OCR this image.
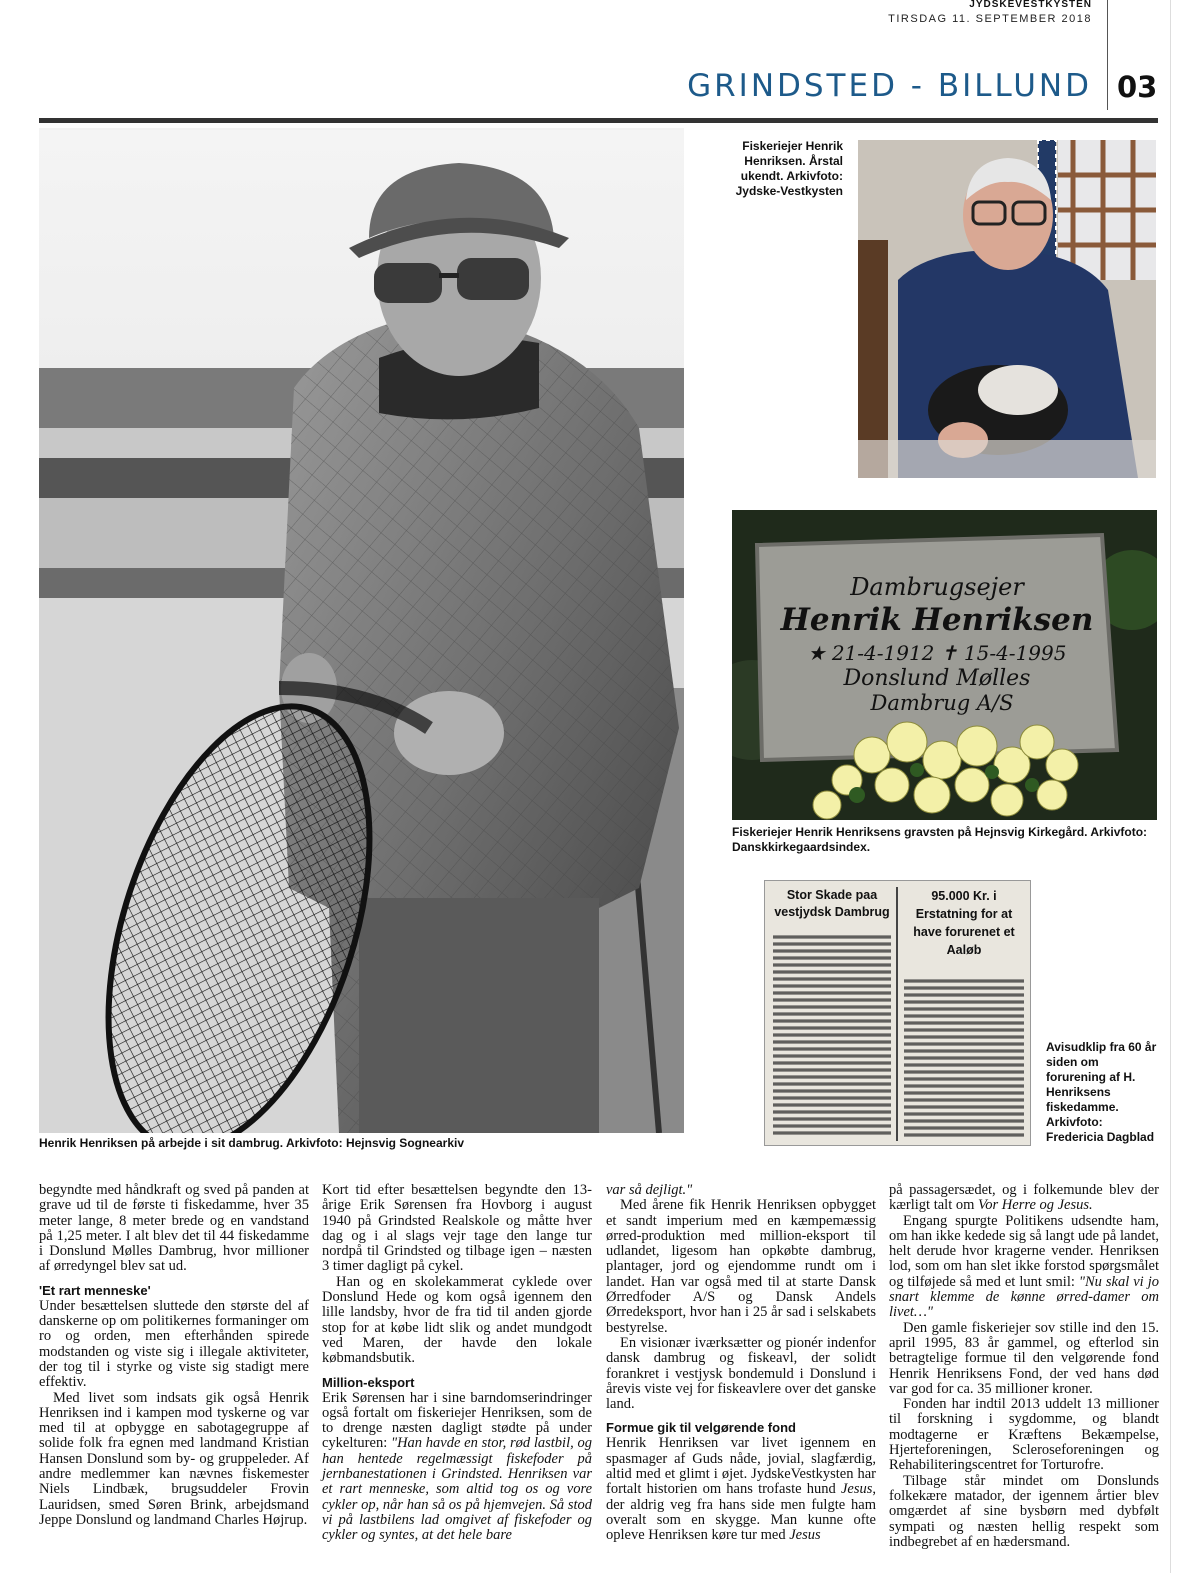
JYDSKEVESTKYSTEN
TIRSDAG 11. SEPTEMBER 2018
GRINDSTED - BILLUND 03
Henrik Henriksen på arbejde i sit dambrug. Arkivfoto: Hejnsvig Sognearkiv
Fiskeriejer Henrik Henriksen. Årstal ukendt. Arkivfoto: Jydske-Vestkysten
Dambrugsejer
Henrik Henriksen
★ 21-4-1912 ✝ 15-4-1995
Donslund Mølles
Dambrug A/S
Fiskeriejer Henrik Henriksens gravsten på Hejnsvig Kirkegård. Arkivfoto: Danskkirkegaardsindex.
Stor Skade paa vestjydsk Dambrug
95.000 Kr. i Erstatning for at have forurenet et Aaløb
Avisudklip fra 60 år siden om forurening af H. Henriksens fiskedamme. Arkivfoto: Fredericia Dagblad

begyndte med håndkraft og sved på panden at grave ud til de første ti fiskedamme, hver 35 meter lange, 8 meter brede og en vandstand på 1,25 meter. I alt blev det til 44 fiskedamme i Donslund Mølles Dambrug, hvor millioner af ørredyngel blev sat ud.

'Et rart menneske'

Under besættelsen sluttede den største del af danskerne op om politikernes formaninger om ro og orden, men efterhånden spirede modstanden og viste sig i illegale aktiviteter, der tog til i styrke og viste sig stadigt mere effektiv.

Med livet som indsats gik også Henrik Henriksen ind i kampen mod tyskerne og var med til at opbygge en sabotagegruppe af solide folk fra egnen med landmand Kristian Hansen Donslund som by- og gruppeleder. Af andre medlemmer kan nævnes fiskemester Niels Lindbæk, brugsuddeler Frovin Lauridsen, smed Søren Brink, arbejdsmand Jeppe Donslund og landmand Charles Højrup.

Kort tid efter besættelsen begyndte den 13-årige Erik Sørensen fra Hovborg i august 1940 på Grindsted Realskole og måtte hver dag og i al slags vejr tage den lange tur nordpå til Grindsted og tilbage igen – næsten 3 timer dagligt på cykel.

Han og en skolekammerat cyklede over Donslund Hede og kom også igennem den lille landsby, hvor de fra tid til anden gjorde stop for at købe lidt slik og andet mundgodt ved Maren, der havde den lokale købmandsbutik.

Million-eksport

Erik Sørensen har i sine barndomserindringer også fortalt om fiskeriejer Henriksen, som de to drenge næsten dagligt stødte på under cykelturen: "Han havde en stor, rød lastbil, og han hentede regelmæssigt fiskefoder på jernbanestationen i Grindsted. Henriksen var et rart menneske, som altid tog os og vore cykler op, når han så os på hjemvejen. Så stod vi på lastbilens lad omgivet af fiskefoder og cykler og syntes, at det hele bare

var så dejligt."

Med årene fik Henrik Henriksen opbygget et sandt imperium med en kæmpemæssig ørred-produktion med million-eksport til udlandet, ligesom han opkøbte dambrug, plantager, jord og ejendomme rundt om i landet. Han var også med til at starte Dansk Ørredfoder A/S og Dansk Andels Ørredeksport, hvor han i 25 år sad i selskabets bestyrelse.

En visionær iværksætter og pionér indenfor dansk dambrug og fiskeavl, der solidt forankret i vestjysk bondemuld i Donslund i årevis viste vej for fiskeavlere over det ganske land.

Formue gik til velgørende fond

Henrik Henriksen var livet igennem en spasmager af Guds nåde, jovial, slagfærdig, altid med et glimt i øjet. JydskeVestkysten har fortalt historien om hans trofaste hund Jesus, der aldrig veg fra hans side men fulgte ham overalt som en skygge. Man kunne ofte opleve Henriksen køre tur med Jesus

på passagersædet, og i folkemunde blev der kærligt talt om Vor Herre og Jesus.

Engang spurgte Politikens udsendte ham, om han ikke kedede sig så langt ude på landet, helt derude hvor kragerne vender. Henriksen lod, som om han slet ikke forstod spørgsmålet og tilføjede så med et lunt smil: "Nu skal vi jo snart klemme de kønne ørred-damer om livet…"

Den gamle fiskeriejer sov stille ind den 15. april 1995, 83 år gammel, og efterlod sin betragtelige formue til den velgørende fond Henrik Henriksens Fond, der ved hans død var god for ca. 35 millioner kroner.

Fonden har indtil 2013 uddelt 13 millioner til forskning i sygdomme, og blandt modtagerne er Kræftens Bekæmpelse, Hjerteforeningen, Scleroseforeningen og Rehabiliteringscentret for Torturofre.

Tilbage står mindet om Donslunds folkekære matador, der igennem årtier blev omgærdet af sine bysbørn med dybfølt sympati og næsten hellig respekt som indbegrebet af en hædersmand.
